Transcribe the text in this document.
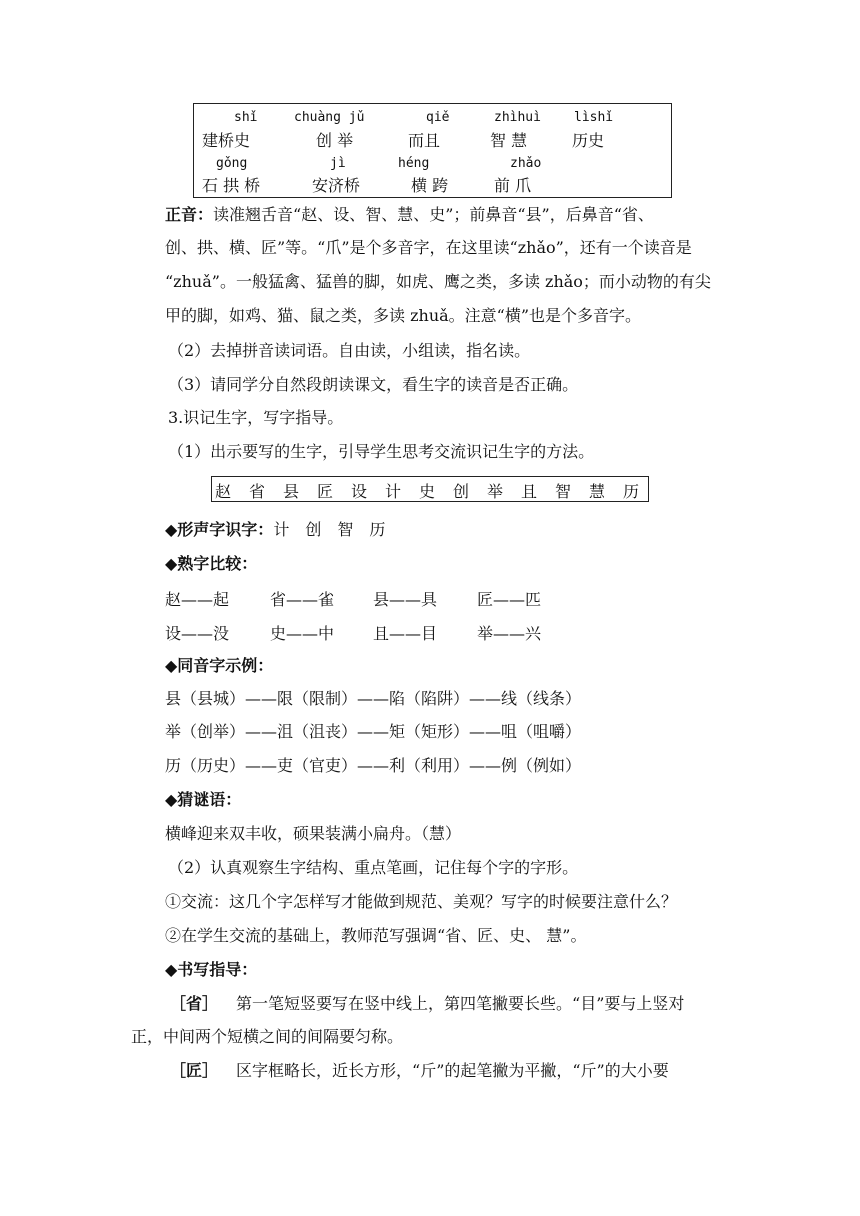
shǐ	chuàng jǔ	qiě	zhìhuì	lìshǐ
建桥史	创 举	而且	智 慧	历史
gǒng	jì	héng	zhǎo
石 拱 桥	安济桥	横 跨	前 爪
正音：读准翘舌音“赵、设、智、慧、史”；前鼻音“县”，后鼻音“省、
创、拱、横、匠”等。“爪”是个多音字，在这里读“zhǎo”，还有一个读音是
“zhuǎ”。一般猛禽、猛兽的脚，如虎、鹰之类，多读 zhǎo；而小动物的有尖
甲的脚，如鸡、猫、鼠之类，多读 zhuǎ。注意“横”也是个多音字。
（2）去掉拼音读词语。自由读，小组读，指名读。
（3）请同学分自然段朗读课文，看生字的读音是否正确。
3.识记生字，写字指导。
（1）出示要写的生字，引导学生思考交流识记生字的方法。
赵 省 县 匠 设 计 史 创 举 且 智 慧 历
◆形声字识字：计　创　智　历
◆熟字比较：
赵——起	省——雀 县——具 匠——匹
设——没	史——中 且——目 举——兴
◆同音字示例：
县（县城）——限（限制）——陷（陷阱）——线（线条）
举（创举）——沮（沮丧）——矩（矩形）——咀（咀嚼）
历（历史）——吏（官吏）——利（利用）——例（例如）
◆猜谜语：
横峰迎来双丰收，硕果装满小扁舟。（慧）
（2）认真观察生字结构、重点笔画，记住每个字的字形。
①交流：这几个字怎样写才能做到规范、美观？写字的时候要注意什么？
②在学生交流的基础上，教师范写强调“省、匠、史、 慧”。
◆书写指导：
［省］ 第一笔短竖要写在竖中线上，第四笔撇要长些。“目”要与上竖对
正，中间两个短横之间的间隔要匀称。
［匠］ 区字框略长，近长方形，“斤”的起笔撇为平撇，“斤”的大小要
